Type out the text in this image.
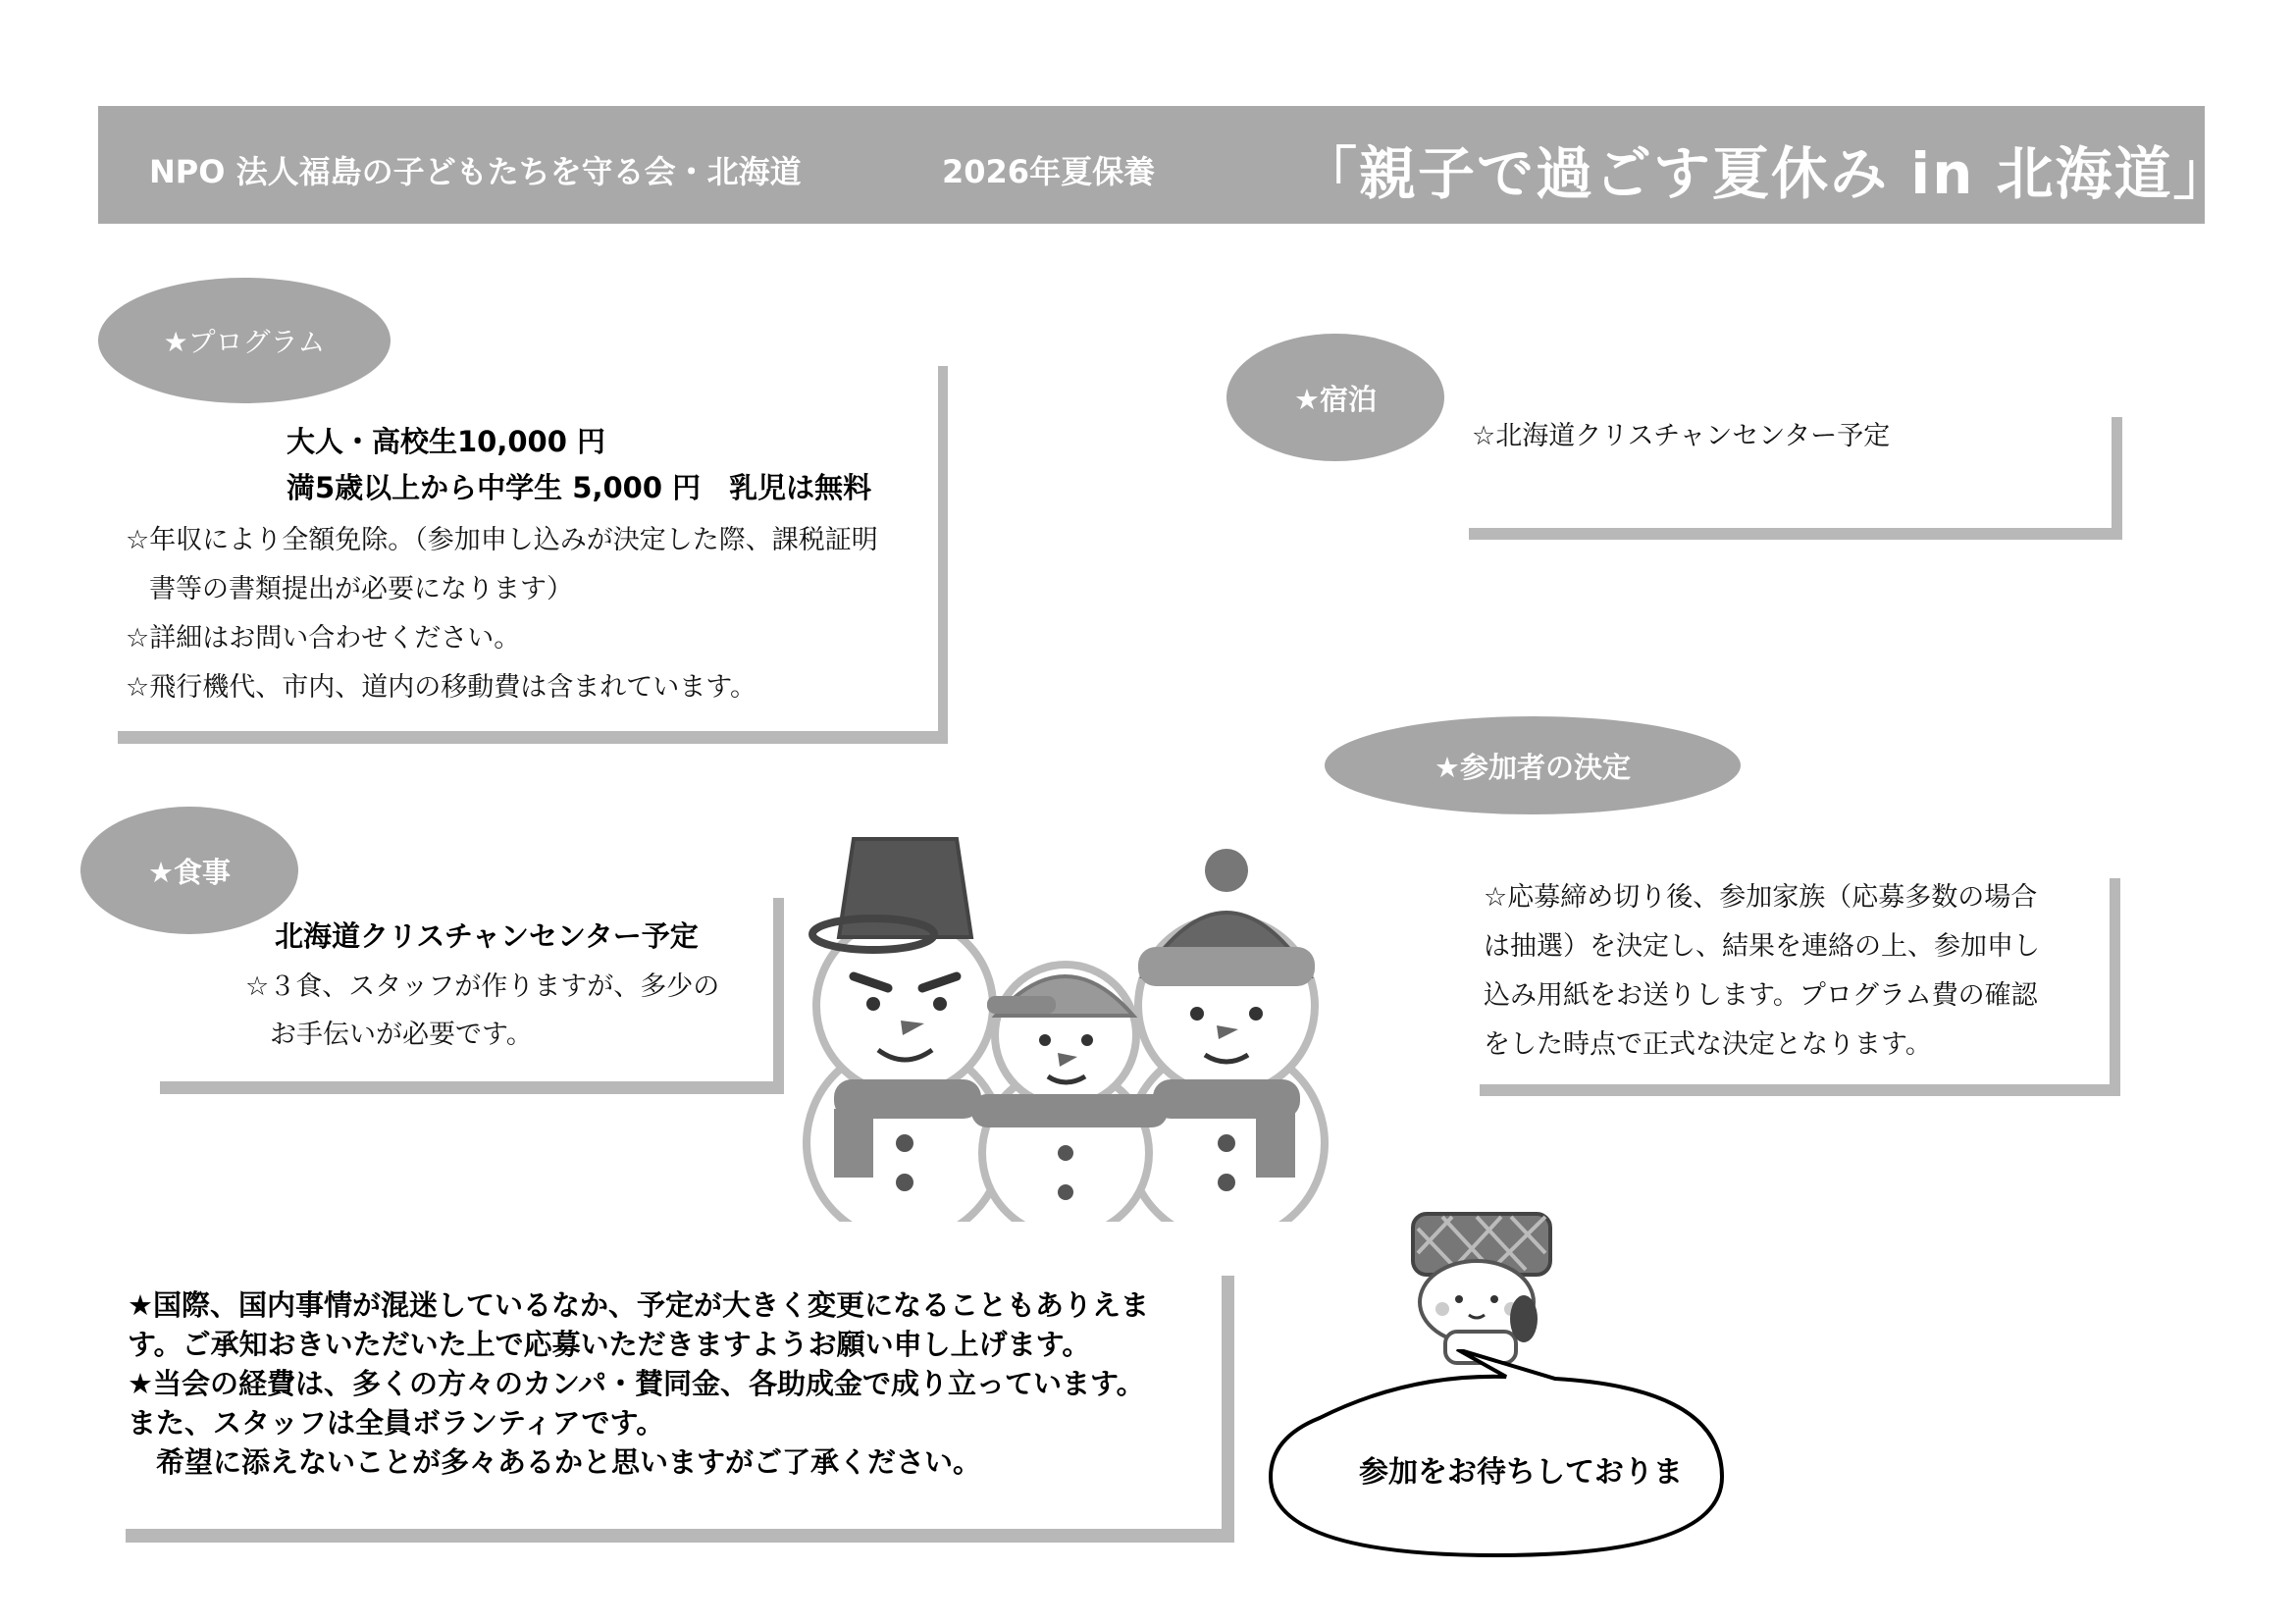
NPO 法人福島の子どもたちを守る会・北海道	2026年夏保養	「親子で過ごす夏休み in 北海道」
★プログラム
大人・高校生10,000 円
満5歳以上から中学生 5,000 円　乳児は無料
☆年収により全額免除。（参加申し込みが決定した際、課税証明
書等の書類提出が必要になります）
☆詳細はお問い合わせください。
☆飛行機代、市内、道内の移動費は含まれています。
★宿泊
☆北海道クリスチャンセンター予定
★参加者の決定
☆応募締め切り後、参加家族（応募多数の場合
は抽選）を決定し、結果を連絡の上、参加申し
込み用紙をお送りします。プログラム費の確認
をした時点で正式な決定となります。
★食事
北海道クリスチャンセンター予定
☆３食、スタッフが作りますが、多少の
お手伝いが必要です。
★国際、国内事情が混迷しているなか、予定が大きく変更になることもありえま
す。ご承知おきいただいた上で応募いただきますようお願い申し上げます。
★当会の経費は、多くの方々のカンパ・賛同金、各助成金で成り立っています。
また、スタッフは全員ボランティアです。
　希望に添えないことが多々あるかと思いますがご了承ください。	参加をお待ちしておりま
